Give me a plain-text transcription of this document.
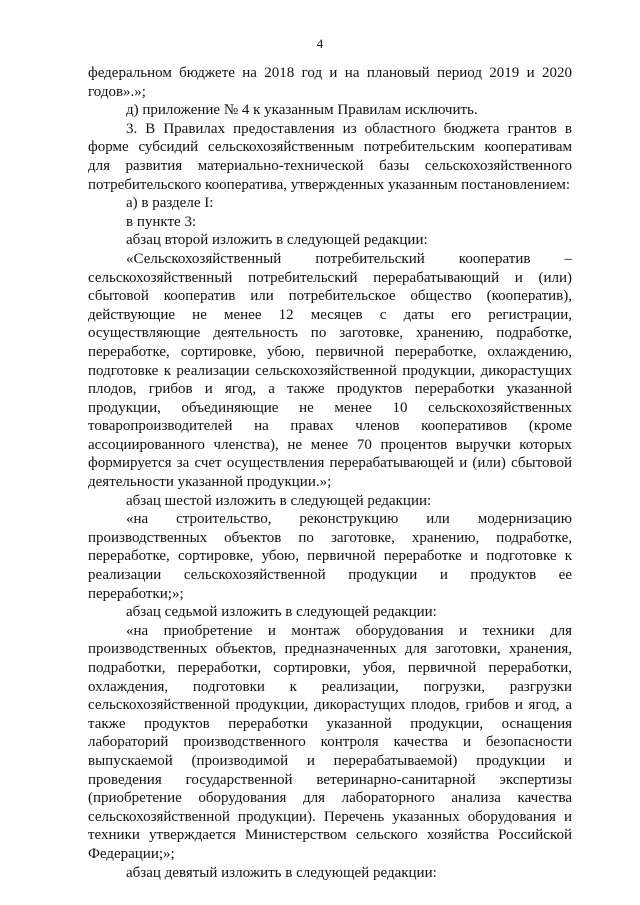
4

федеральном бюджете на 2018 год и на плановый период 2019 и 2020

годов».»;

д) приложение № 4 к указанным Правилам исключить.

3. В Правилах предоставления из областного бюджета грантов в

форме субсидий сельскохозяйственным потребительским кооперативам

для развития материально-технической базы сельскохозяйственного

потребительского кооператива, утвержденных указанным постановлением:

а) в разделе I:

в пункте 3:

абзац второй изложить в следующей редакции:

«Сельскохозяйственный потребительский кооператив –

сельскохозяйственный потребительский перерабатывающий и (или)

сбытовой кооператив или потребительское общество (кооператив),

действующие не менее 12 месяцев с даты его регистрации,

осуществляющие деятельность по заготовке, хранению, подработке,

переработке, сортировке, убою, первичной переработке, охлаждению,

подготовке к реализации сельскохозяйственной продукции, дикорастущих

плодов, грибов и ягод, а также продуктов переработки указанной

продукции, объединяющие не менее 10 сельскохозяйственных

товаропроизводителей на правах членов кооперативов (кроме

ассоциированного членства), не менее 70 процентов выручки которых

формируется за счет осуществления перерабатывающей и (или) сбытовой

деятельности указанной продукции.»;

абзац шестой изложить в следующей редакции:

«на строительство, реконструкцию или модернизацию

производственных объектов по заготовке, хранению, подработке,

переработке, сортировке, убою, первичной переработке и подготовке к

реализации сельскохозяйственной продукции и продуктов ее

переработки;»;

абзац седьмой изложить в следующей редакции:

«на приобретение и монтаж оборудования и техники для

производственных объектов, предназначенных для заготовки, хранения,

подработки, переработки, сортировки, убоя, первичной переработки,

охлаждения, подготовки к реализации, погрузки, разгрузки

сельскохозяйственной продукции, дикорастущих плодов, грибов и ягод, а

также продуктов переработки указанной продукции, оснащения

лабораторий производственного контроля качества и безопасности

выпускаемой (производимой и перерабатываемой) продукции и

проведения государственной ветеринарно-санитарной экспертизы

(приобретение оборудования для лабораторного анализа качества

сельскохозяйственной продукции). Перечень указанных оборудования и

техники утверждается Министерством сельского хозяйства Российской

Федерации;»;

абзац девятый изложить в следующей редакции:
